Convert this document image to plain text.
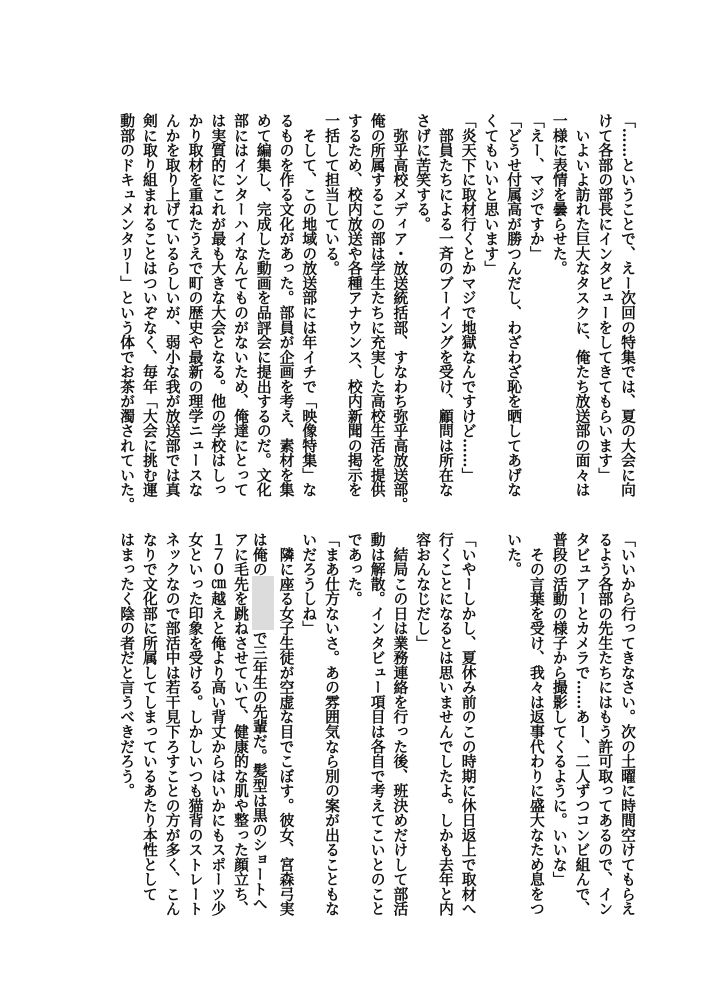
「……ということで、えー次回の特集では、夏の大会に向

けて各部の部長にインタビューをしてきてもらいます」

　いよいよ訪れた巨大なタスクに、俺たち放送部の面々は

一様に表情を曇らせた。

「えー、マジですか」

「どうせ付属高が勝つんだし、わざわざ恥を晒してあげな

くてもいいと思います」

「炎天下に取材行くとかマジで地獄なんですけど……」

　部員たちによる一斉のブーイングを受け、顧問は所在な

さげに苦笑する。

　弥乎高校メディア・放送統括部、すなわち弥乎高放送部。

俺の所属するこの部は学生たちに充実した高校生活を提供

するため、校内放送や各種アナウンス、校内新聞の掲示を

一括して担当している。

　そして、この地域の放送部には年イチで「映像特集」な

るものを作る文化があった。部員が企画を考え、素材を集

めて編集し、完成した動画を品評会に提出するのだ。文化

部にはインターハイなんてものがないため、俺達にとって

は実質的にこれが最も大きな大会となる。他の学校はしっ

かり取材を重ねたうえで町の歴史や最新の理学ニュースな

んかを取り上げているらしいが、弱小な我が放送部では真

剣に取り組まれることはついぞなく、毎年「大会に挑む運

動部のドキュメンタリー」という体でお茶が濁されていた。

「いいから行ってきなさい。次の土曜に時間空けてもらえ

るよう各部の先生たちにはもう許可取ってあるので、イン

タビュアーとカメラで……あー、二人ずつコンビ組んで、

普段の活動の様子から撮影してくるように。いいな」

　その言葉を受け、我々は返事代わりに盛大なため息をつ

いた。

「いやーしかし、夏休み前のこの時期に休日返上で取材へ

行くことになるとは思いませんでしたよ。しかも去年と内

容おんなじだし」

　結局この日は業務連絡を行った後、班決めだけして部活

動は解散。インタビュー項目は各自で考えてこいとのこと

であった。

「まあ仕方ないさ。あの雰囲気なら別の案が出ることもな

いだろうしね」

　隣に座る女子生徒が空虚な目でこぼす。彼女、宮森弓実

は俺ので三年生の先輩だ。髪型は黒のショートへ

アに毛先を跳ねさせていて、健康的な肌や整った顔立ち、

１７０㎝越えと俺より高い背丈からはいかにもスポーツ少

女といった印象を受ける。しかしいつも猫背のストレート

ネックなので部活中は若干見下ろすことの方が多く、こん

なりで文化部に所属してしまっているあたり本性として

はまったく陰の者だと言うべきだろう。
